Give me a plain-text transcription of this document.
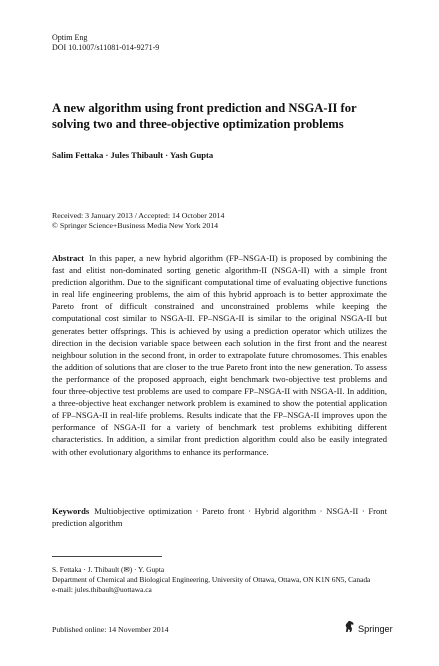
Optim Eng
DOI 10.1007/s11081-014-9271-9
A new algorithm using front prediction and NSGA-II for solving two and three-objective optimization problems
Salim Fettaka · Jules Thibault · Yash Gupta
Received: 3 January 2013 / Accepted: 14 October 2014
© Springer Science+Business Media New York 2014
Abstract In this paper, a new hybrid algorithm (FP–NSGA-II) is proposed by combining the fast and elitist non-dominated sorting genetic algorithm-II (NSGA-II) with a simple front prediction algorithm. Due to the significant computational time of evaluating objective functions in real life engineering problems, the aim of this hybrid approach is to better approximate the Pareto front of difficult constrained and unconstrained problems while keeping the computational cost similar to NSGA-II. FP–NSGA-II is similar to the original NSGA-II but generates better offsprings. This is achieved by using a prediction operator which utilizes the direction in the decision variable space between each solution in the first front and the nearest neighbour solution in the second front, in order to extrapolate future chromosomes. This enables the addition of solutions that are closer to the true Pareto front into the new generation. To assess the performance of the proposed approach, eight benchmark two-objective test problems and four three-objective test problems are used to compare FP–NSGA-II with NSGA-II. In addition, a three-objective heat exchanger network problem is examined to show the potential application of FP–NSGA-II in real-life problems. Results indicate that the FP–NSGA-II improves upon the performance of NSGA-II for a variety of benchmark test problems exhibiting different characteristics. In addition, a similar front prediction algorithm could also be easily integrated with other evolutionary algorithms to enhance its performance.
Keywords Multiobjective optimization · Pareto front · Hybrid algorithm · NSGA-II · Front prediction algorithm
S. Fettaka · J. Thibault (✉) · Y. Gupta
Department of Chemical and Biological Engineering, University of Ottawa, Ottawa, ON K1N 6N5, Canada
e-mail: jules.thibault@uottawa.ca
Published online: 14 November 2014	Springer
